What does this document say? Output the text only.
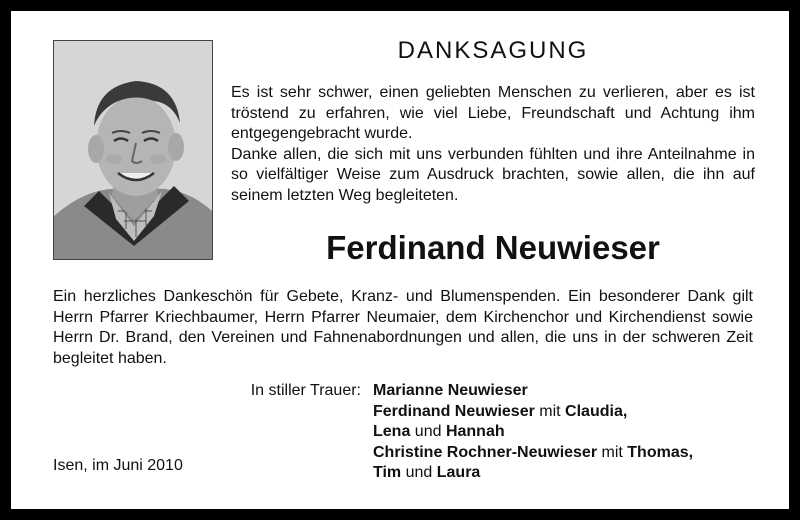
DANKSAGUNG

Es ist sehr schwer, einen geliebten Menschen zu verlieren, aber es ist tröstend zu erfahren, wie viel Liebe, Freundschaft und Achtung ihm entgegengebracht wurde.

Danke allen, die sich mit uns verbunden fühlten und ihre Anteilnahme in so vielfältiger Weise zum Ausdruck brachten, sowie allen, die ihn auf seinem letzten Weg begleiteten.

Ferdinand Neuwieser

Ein herzliches Dankeschön für Gebete, Kranz- und Blumenspenden. Ein besonderer Dank gilt Herrn Pfarrer Kriechbaumer, Herrn Pfarrer Neumaier, dem Kirchenchor und Kirchendienst sowie Herrn Dr. Brand, den Vereinen und Fahnenabordnungen und allen, die uns in der schweren Zeit begleitet haben.

In stiller Trauer: Marianne Neuwieser
Ferdinand Neuwieser mit Claudia,
Lena und Hannah
Christine Rochner-Neuwieser mit Thomas,
Tim und Laura
Isen, im Juni 2010
